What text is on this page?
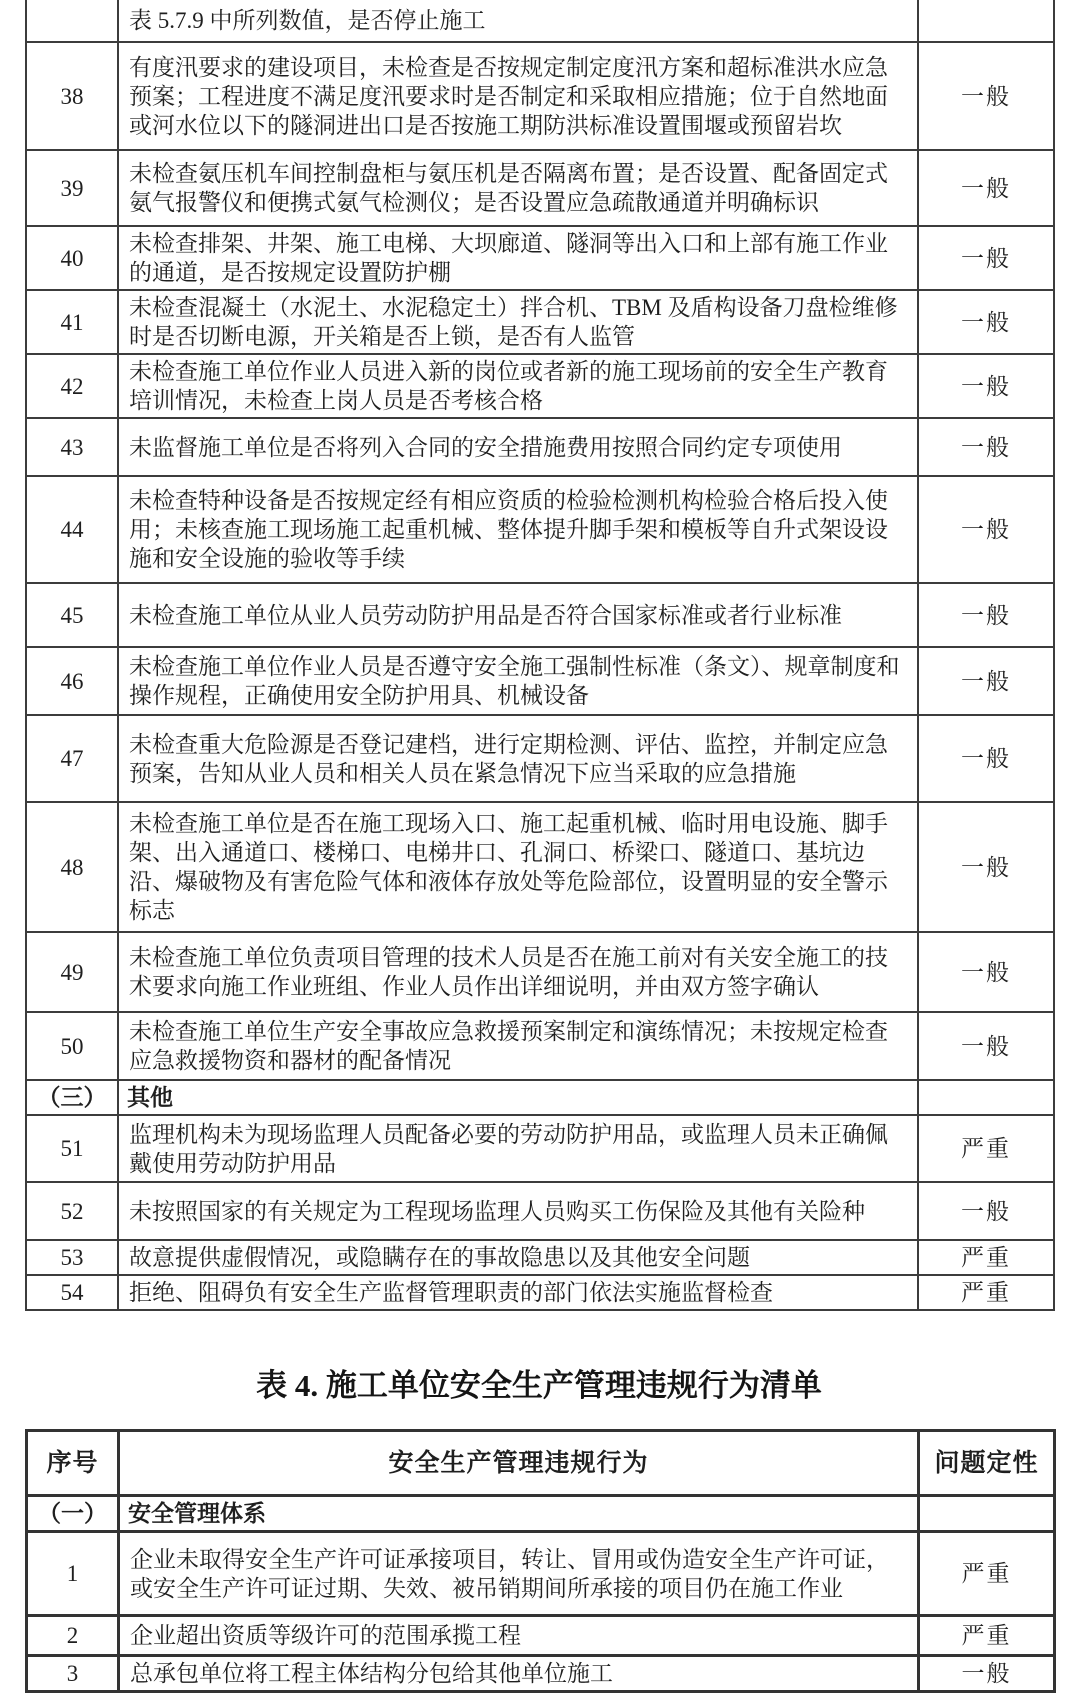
	表 5.7.9 中所列数值，是否停止施工	
38	有度汛要求的建设项目，未检查是否按规定制定度汛方案和超标准洪水应急预案；工程进度不满足度汛要求时是否制定和采取相应措施；位于自然地面或河水位以下的隧洞进出口是否按施工期防洪标准设置围堰或预留岩坎	一般
39	未检查氨压机车间控制盘柜与氨压机是否隔离布置；是否设置、配备固定式氨气报警仪和便携式氨气检测仪；是否设置应急疏散通道并明确标识	一般
40	未检查排架、井架、施工电梯、大坝廊道、隧洞等出入口和上部有施工作业的通道，是否按规定设置防护棚	一般
41	未检查混凝土（水泥土、水泥稳定土）拌合机、TBM 及盾构设备刀盘检维修时是否切断电源，开关箱是否上锁，是否有人监管	一般
42	未检查施工单位作业人员进入新的岗位或者新的施工现场前的安全生产教育培训情况，未检查上岗人员是否考核合格	一般
43	未监督施工单位是否将列入合同的安全措施费用按照合同约定专项使用	一般
44	未检查特种设备是否按规定经有相应资质的检验检测机构检验合格后投入使用；未核查施工现场施工起重机械、整体提升脚手架和模板等自升式架设设施和安全设施的验收等手续	一般
45	未检查施工单位从业人员劳动防护用品是否符合国家标准或者行业标准	一般
46	未检查施工单位作业人员是否遵守安全施工强制性标准（条文）、规章制度和操作规程，正确使用安全防护用具、机械设备	一般
47	未检查重大危险源是否登记建档，进行定期检测、评估、监控，并制定应急预案，告知从业人员和相关人员在紧急情况下应当采取的应急措施	一般
48	未检查施工单位是否在施工现场入口、施工起重机械、临时用电设施、脚手架、出入通道口、楼梯口、电梯井口、孔洞口、桥梁口、隧道口、基坑边沿、爆破物及有害危险气体和液体存放处等危险部位，设置明显的安全警示标志	一般
49	未检查施工单位负责项目管理的技术人员是否在施工前对有关安全施工的技术要求向施工作业班组、作业人员作出详细说明，并由双方签字确认	一般
50	未检查施工单位生产安全事故应急救援预案制定和演练情况；未按规定检查应急救援物资和器材的配备情况	一般
（三）	其他	
51	监理机构未为现场监理人员配备必要的劳动防护用品，或监理人员未正确佩戴使用劳动防护用品	严重
52	未按照国家的有关规定为工程现场监理人员购买工伤保险及其他有关险种	一般
53	故意提供虚假情况，或隐瞒存在的事故隐患以及其他安全问题	严重
54	拒绝、阻碍负有安全生产监督管理职责的部门依法实施监督检查	严重
表 4. 施工单位安全生产管理违规行为清单
序号	安全生产管理违规行为	问题定性
（一）	安全管理体系	
1	企业未取得安全生产许可证承接项目，转让、冒用或伪造安全生产许可证，或安全生产许可证过期、失效、被吊销期间所承接的项目仍在施工作业	严重
2	企业超出资质等级许可的范围承揽工程	严重
3	总承包单位将工程主体结构分包给其他单位施工	一般
